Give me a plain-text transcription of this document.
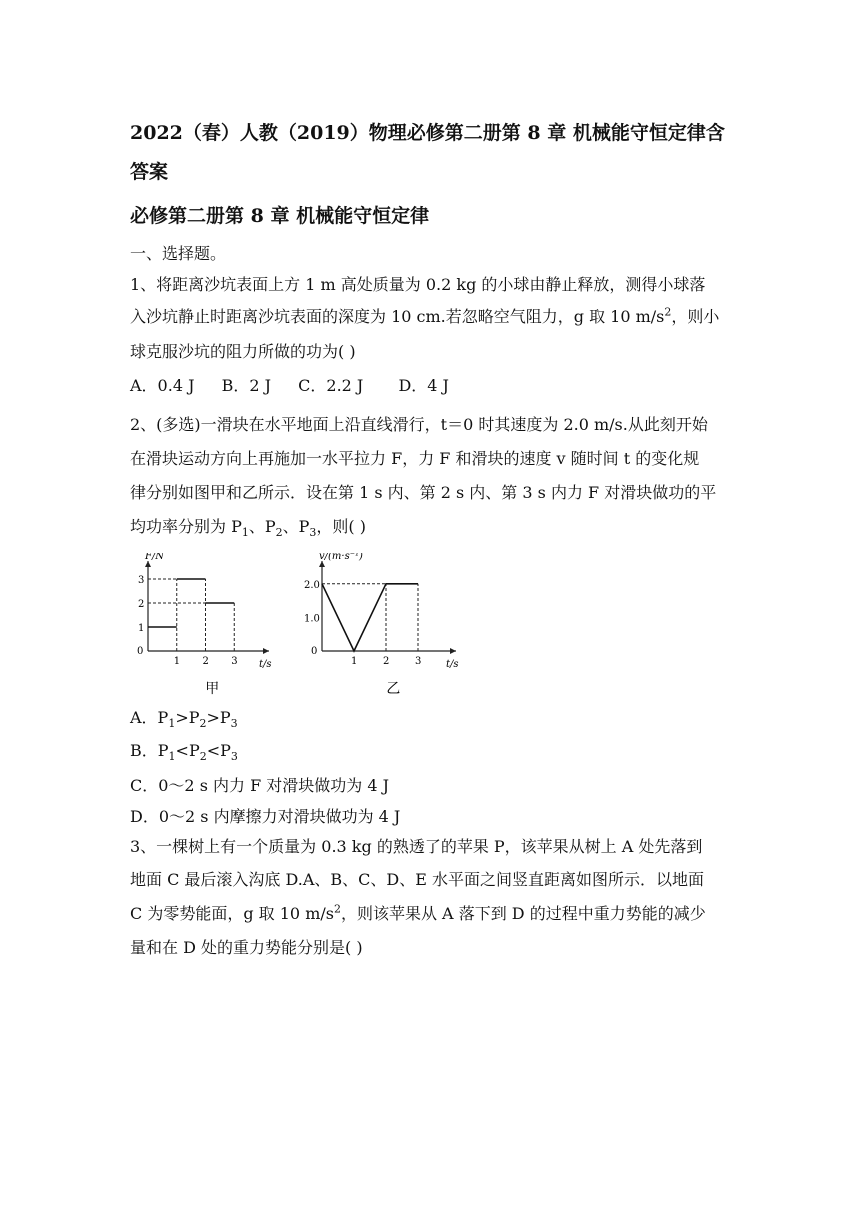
2022（春）人教（2019）物理必修第二册第 8 章 机械能守恒定律含
答案
必修第二册第 8 章 机械能守恒定律
一、选择题。
1、将距离沙坑表面上方 1 m 高处质量为 0.2 kg 的小球由静止释放，测得小球落
入沙坑静止时距离沙坑表面的深度为 10 cm.若忽略空气阻力，g 取 10 $m/s^2$，则小
球克服沙坑的阻力所做的功为( )
A．0.4 J B．2 J C．2.2 J D．4 J
2、(多选)一滑块在水平地面上沿直线滑行，t＝0 时其速度为 2.0 m/s.从此刻开始
在滑块运动方向上再施加一水平拉力 F，力 F 和滑块的速度 v 随时间 t 的变化规
律分别如图甲和乙所示．设在第 1 s 内、第 2 s 内、第 3 s 内力 F 对滑块做功的平
均功率分别为 $P_1$、$P_2$、$P_3$，则( )
F/N
t/s
0
1 2 3
1
2
3
甲
v/(m·s⁻¹)
t/s
0
1	2	3
1.0
2.0
乙
A．$P_1>P_2>P_3$
B．$P_1<P_2<P_3$
C．0～2 s 内力 F 对滑块做功为 4 J
D．0～2 s 内摩擦力对滑块做功为 4 J
3、一棵树上有一个质量为 0.3 kg 的熟透了的苹果 P，该苹果从树上 A 处先落到
地面 C 最后滚入沟底 D.A、B、C、D、E 水平面之间竖直距离如图所示．以地面
C 为零势能面，g 取 10 $m/s^2$，则该苹果从 A 落下到 D 的过程中重力势能的减少
量和在 D 处的重力势能分别是( )
